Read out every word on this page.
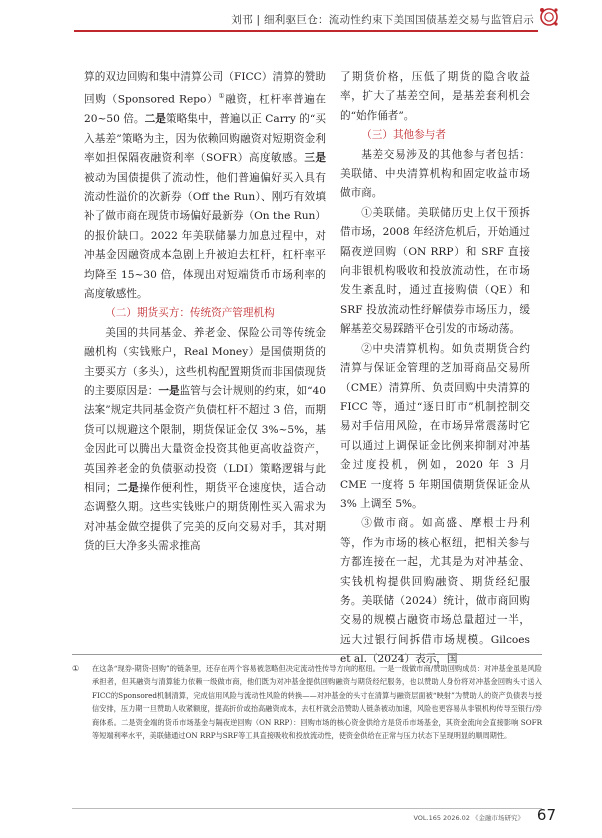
刘邗 | 细利驱巨仓：流动性约束下美国国债基差交易与监管启示

算的双边回购和集中清算公司（FICC）清算的赞助回购（Sponsored Repo）①融资，杠杆率普遍在 20~50 倍。二是策略集中，普遍以正 Carry 的“买入基差”策略为主，因为依赖回购融资对短期资金利率如担保隔夜融资利率（SOFR）高度敏感。三是被动为国债提供了流动性，他们普遍偏好买入具有流动性溢价的次新券（Off the Run）、刚巧有效填补了做市商在现货市场偏好最新券（On the Run）的报价缺口。2022 年美联储暴力加息过程中，对冲基金因融资成本急剧上升被迫去杠杆，杠杆率平均降至 15~30 倍，体现出对短端货币市场利率的高度敏感性。

（二）期货买方：传统资产管理机构

美国的共同基金、养老金、保险公司等传统金融机构（实钱账户，Real Money）是国债期货的主要买方（多头），这些机构配置期货而非国债现货的主要原因是：一是监管与会计规则的约束，如“40 法案”规定共同基金资产负债杠杆不超过 3 倍，而期货可以规避这个限制，期货保证金仅 3%~5%，基金因此可以腾出大量资金投资其他更高收益资产，英国养老金的负债驱动投资（LDI）策略逻辑与此相同；二是操作便利性，期货平仓速度快，适合动态调整久期。这些实钱账户的期货刚性买入需求为对冲基金做空提供了完美的反向交易对手，其对期货的巨大净多头需求推高

了期货价格，压低了期货的隐含收益率，扩大了基差空间，是基差套利机会的“始作俑者”。

（三）其他参与者

基差交易涉及的其他参与者包括：美联储、中央清算机构和固定收益市场做市商。

①美联储。美联储历史上仅干预拆借市场，2008 年经济危机后，开始通过隔夜逆回购（ON RRP）和 SRF 直接向非银机构吸收和投放流动性，在市场发生紊乱时，通过直接购债（QE）和 SRF 投放流动性纾解债券市场压力，缓解基差交易踩踏平仓引发的市场动荡。

②中央清算机构。如负责期货合约清算与保证金管理的芝加哥商品交易所（CME）清算所、负责回购中央清算的 FICC 等，通过“逐日盯市”机制控制交易对手信用风险，在市场异常震荡时它可以通过上调保证金比例来抑制对冲基金过度投机，例如，2020 年 3 月 CME 一度将 5 年期国债期货保证金从 3% 上调至 5%。

③做市商。如高盛、摩根士丹利等，作为市场的核心枢纽，把相关参与方都连接在一起，尤其是为对冲基金、实钱机构提供回购融资、期货经纪服务。美联储（2024）统计，做市商回购交易的规模占融资市场总量超过一半，远大过银行间拆借市场规模。Gilcoes et al.（2024）表示，国

① 在这条“现券-期货-回购”的链条里，还存在两个容易被忽略但决定流动性传导方向的枢纽。一是一级做市商/赞助回购成员：对冲基金虽是风险承担者，但其融资与清算能力依赖一级做市商，他们既为对冲基金提供回购融资与期货经纪服务，也以赞助人身份将对冲基金回购头寸送入FICC的Sponsored机制清算，完成信用风险与流动性风险的转换——对冲基金的头寸在清算与融资层面被“映射”为赞助人的资产负债表与授信安排，压力期一旦赞助人收紧额度，提高折价或抬高融资成本，去杠杆就会沿赞助人链条被动加速，风险也更容易从非银机构传导至银行/券商体系。二是资金端的货币市场基金与隔夜逆回购（ON RRP）：回购市场的核心资金供给方是货币市场基金，其资金流向会直接影响 SOFR 等短端利率水平，美联储通过ON RRP与SRF等工具直接吸收和投放流动性，使资金供给在正常与压力状态下呈现明显的顺周期性。
VOL.165 2026.02 《金融市场研究》 67
